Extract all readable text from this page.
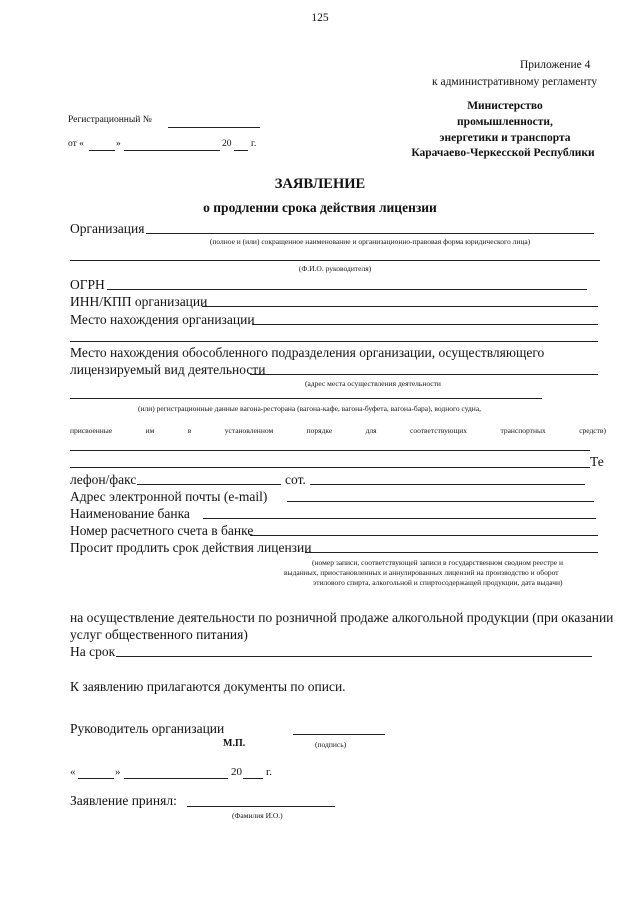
125
Приложение 4
к административному регламенту
Министерство
промышленности,
энергетики и транспорта
Карачаево-Черкесской Республики
Регистрационный №
от «	»	20 г.
ЗАЯВЛЕНИЕ
о продлении срока действия лицензии
Организация
(полное и (или) сокращенное наименование и организационно-правовая форма юридического лица)
(Ф.И.О. руководителя)
ОГРН
ИНН/КПП организации
Место нахождения организации
Место нахождения обособленного подразделения организации, осуществляющего
лицензируемый вид деятельности
(адрес места осуществления деятельности
(или) регистрационные данные вагона-ресторана (вагона-кафе, вагона-буфета, вагона-бара), водного судна,
присвоенные	им	в	установленном	порядке	для	соответствующих	транспортных	средств)
Те
лефон/факс	сот.
Адрес электронной почты (e-mail)
Наименование банка
Номер расчетного счета в банке
Просит продлить срок действия лицензии
(номер записи, соответствующей записи в государственном сводном реестре и
выданных, приостановленных и аннулированных лицензий на производство и оборот
этилового спирта, алкогольной и спиртосодержащей продукции, дата выдачи)
на осуществление деятельности по розничной продаже алкогольной продукции (при оказании
услуг общественного питания)
На срок
К заявлению прилагаются документы по описи.
Руководитель организации
М.П.	(подпись)
«	»	20 г.
Заявление принял:
(Фамилия И.О.)
